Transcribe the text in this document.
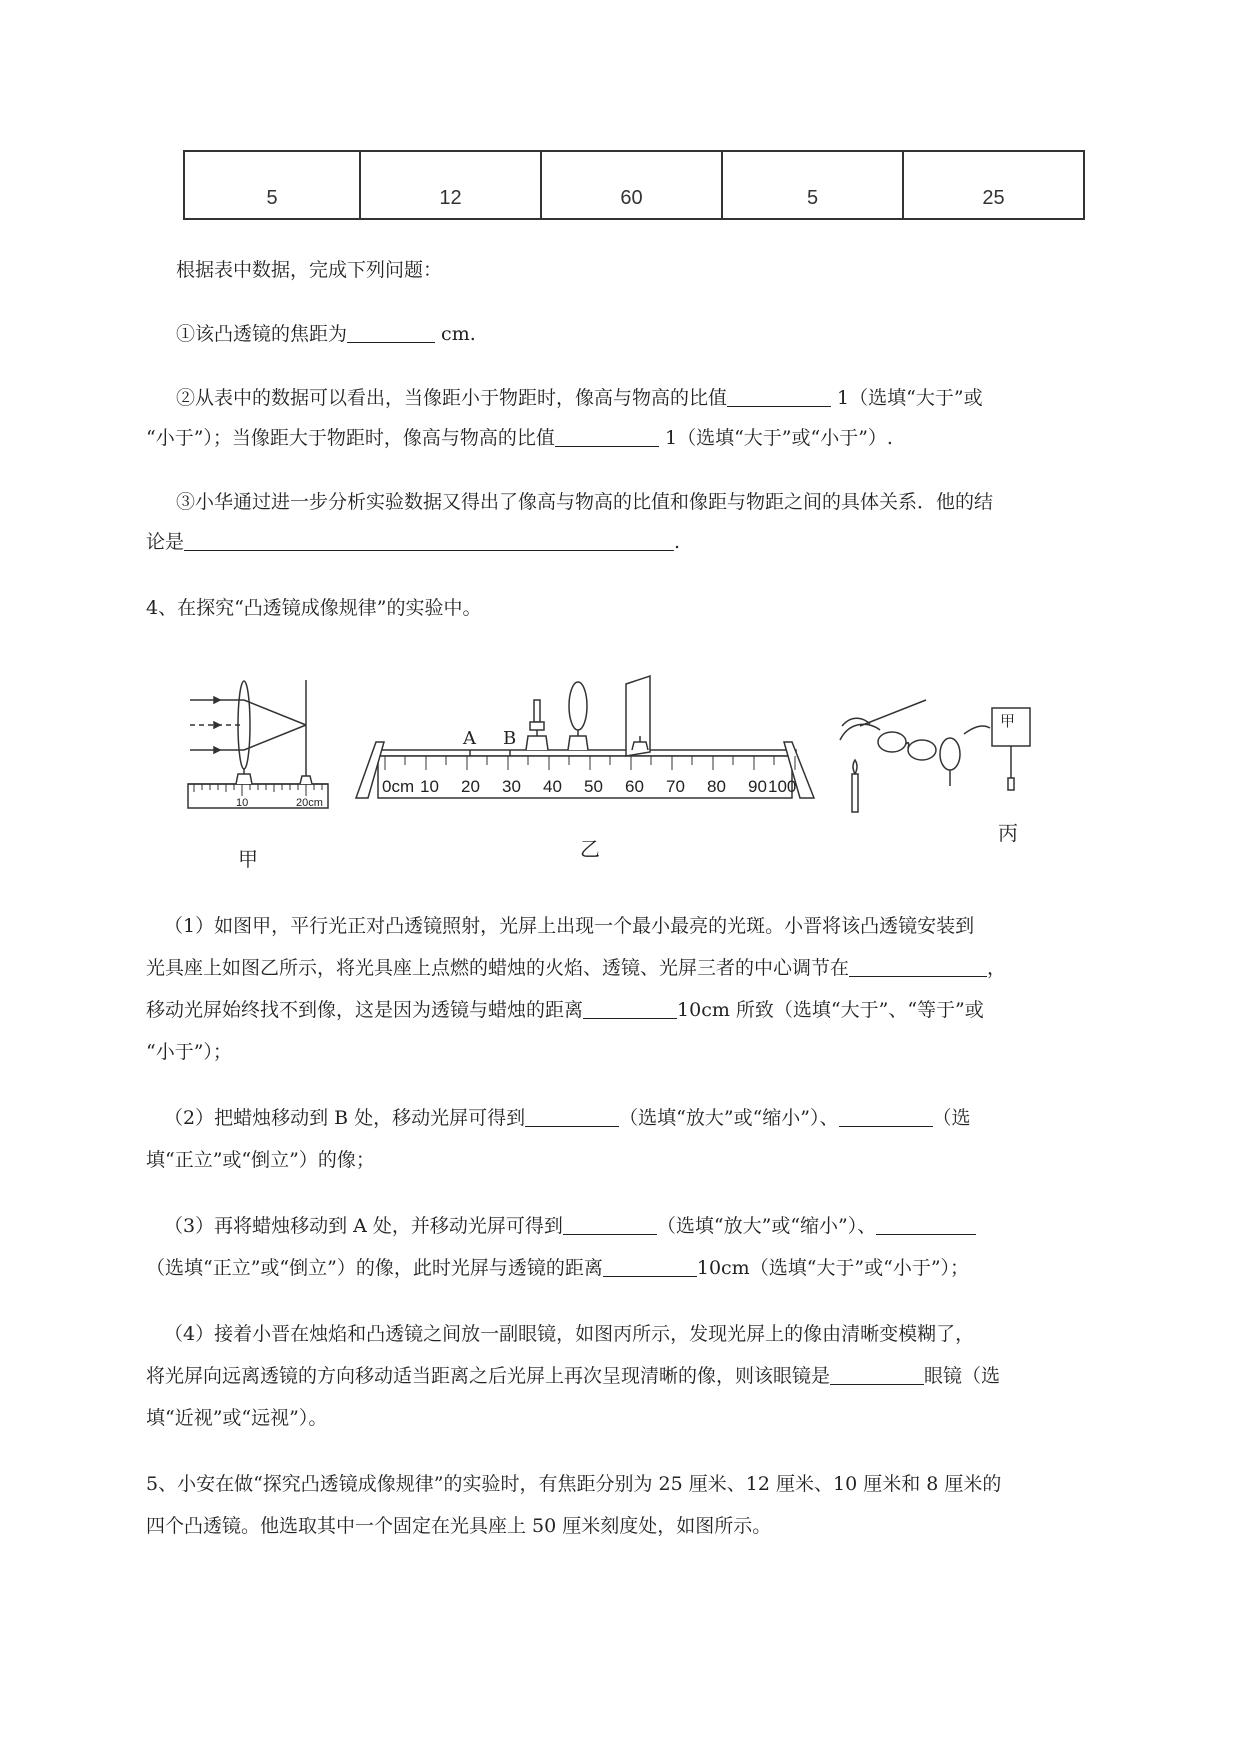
5	12	60	5	25
根据表中数据，完成下列问题：
①该凸透镜的焦距为	cm.
②从表中的数据可以看出，当像距小于物距时，像高与物高的比值	1（选填“大于”或
“小于”）；当像距大于物距时，像高与物高的比值	1（选填“大于”或“小于”）.
③小华通过进一步分析实验数据又得出了像高与物高的比值和像距与物距之间的具体关系．他的结
论是	.
4、在探究“凸透镜成像规律”的实验中。
10	20cm
甲
A B
0cm 10 20 30 40 50 60 70 80 90 100
乙
甲
丙
（1）如图甲，平行光正对凸透镜照射，光屏上出现一个最小最亮的光斑。小晋将该凸透镜安装到
光具座上如图乙所示，将光具座上点燃的蜡烛的火焰、透镜、光屏三者的中心调节在	，
移动光屏始终找不到像，这是因为透镜与蜡烛的距离	10cm 所致（选填“大于”、“等于”或
“小于”）；
（2）把蜡烛移动到 B 处，移动光屏可得到	（选填“放大”或“缩小”）、	（选
填“正立”或“倒立”）的像；
（3）再将蜡烛移动到 A 处，并移动光屏可得到	（选填“放大”或“缩小”）、
（选填“正立”或“倒立”）的像，此时光屏与透镜的距离	10cm（选填“大于”或“小于”）；
（4）接着小晋在烛焰和凸透镜之间放一副眼镜，如图丙所示，发现光屏上的像由清晰变模糊了，
将光屏向远离透镜的方向移动适当距离之后光屏上再次呈现清晰的像，则该眼镜是	眼镜（选
填“近视”或“远视”）。
5、小安在做“探究凸透镜成像规律”的实验时，有焦距分别为 25 厘米、12 厘米、10 厘米和 8 厘米的
四个凸透镜。他选取其中一个固定在光具座上 50 厘米刻度处，如图所示。
